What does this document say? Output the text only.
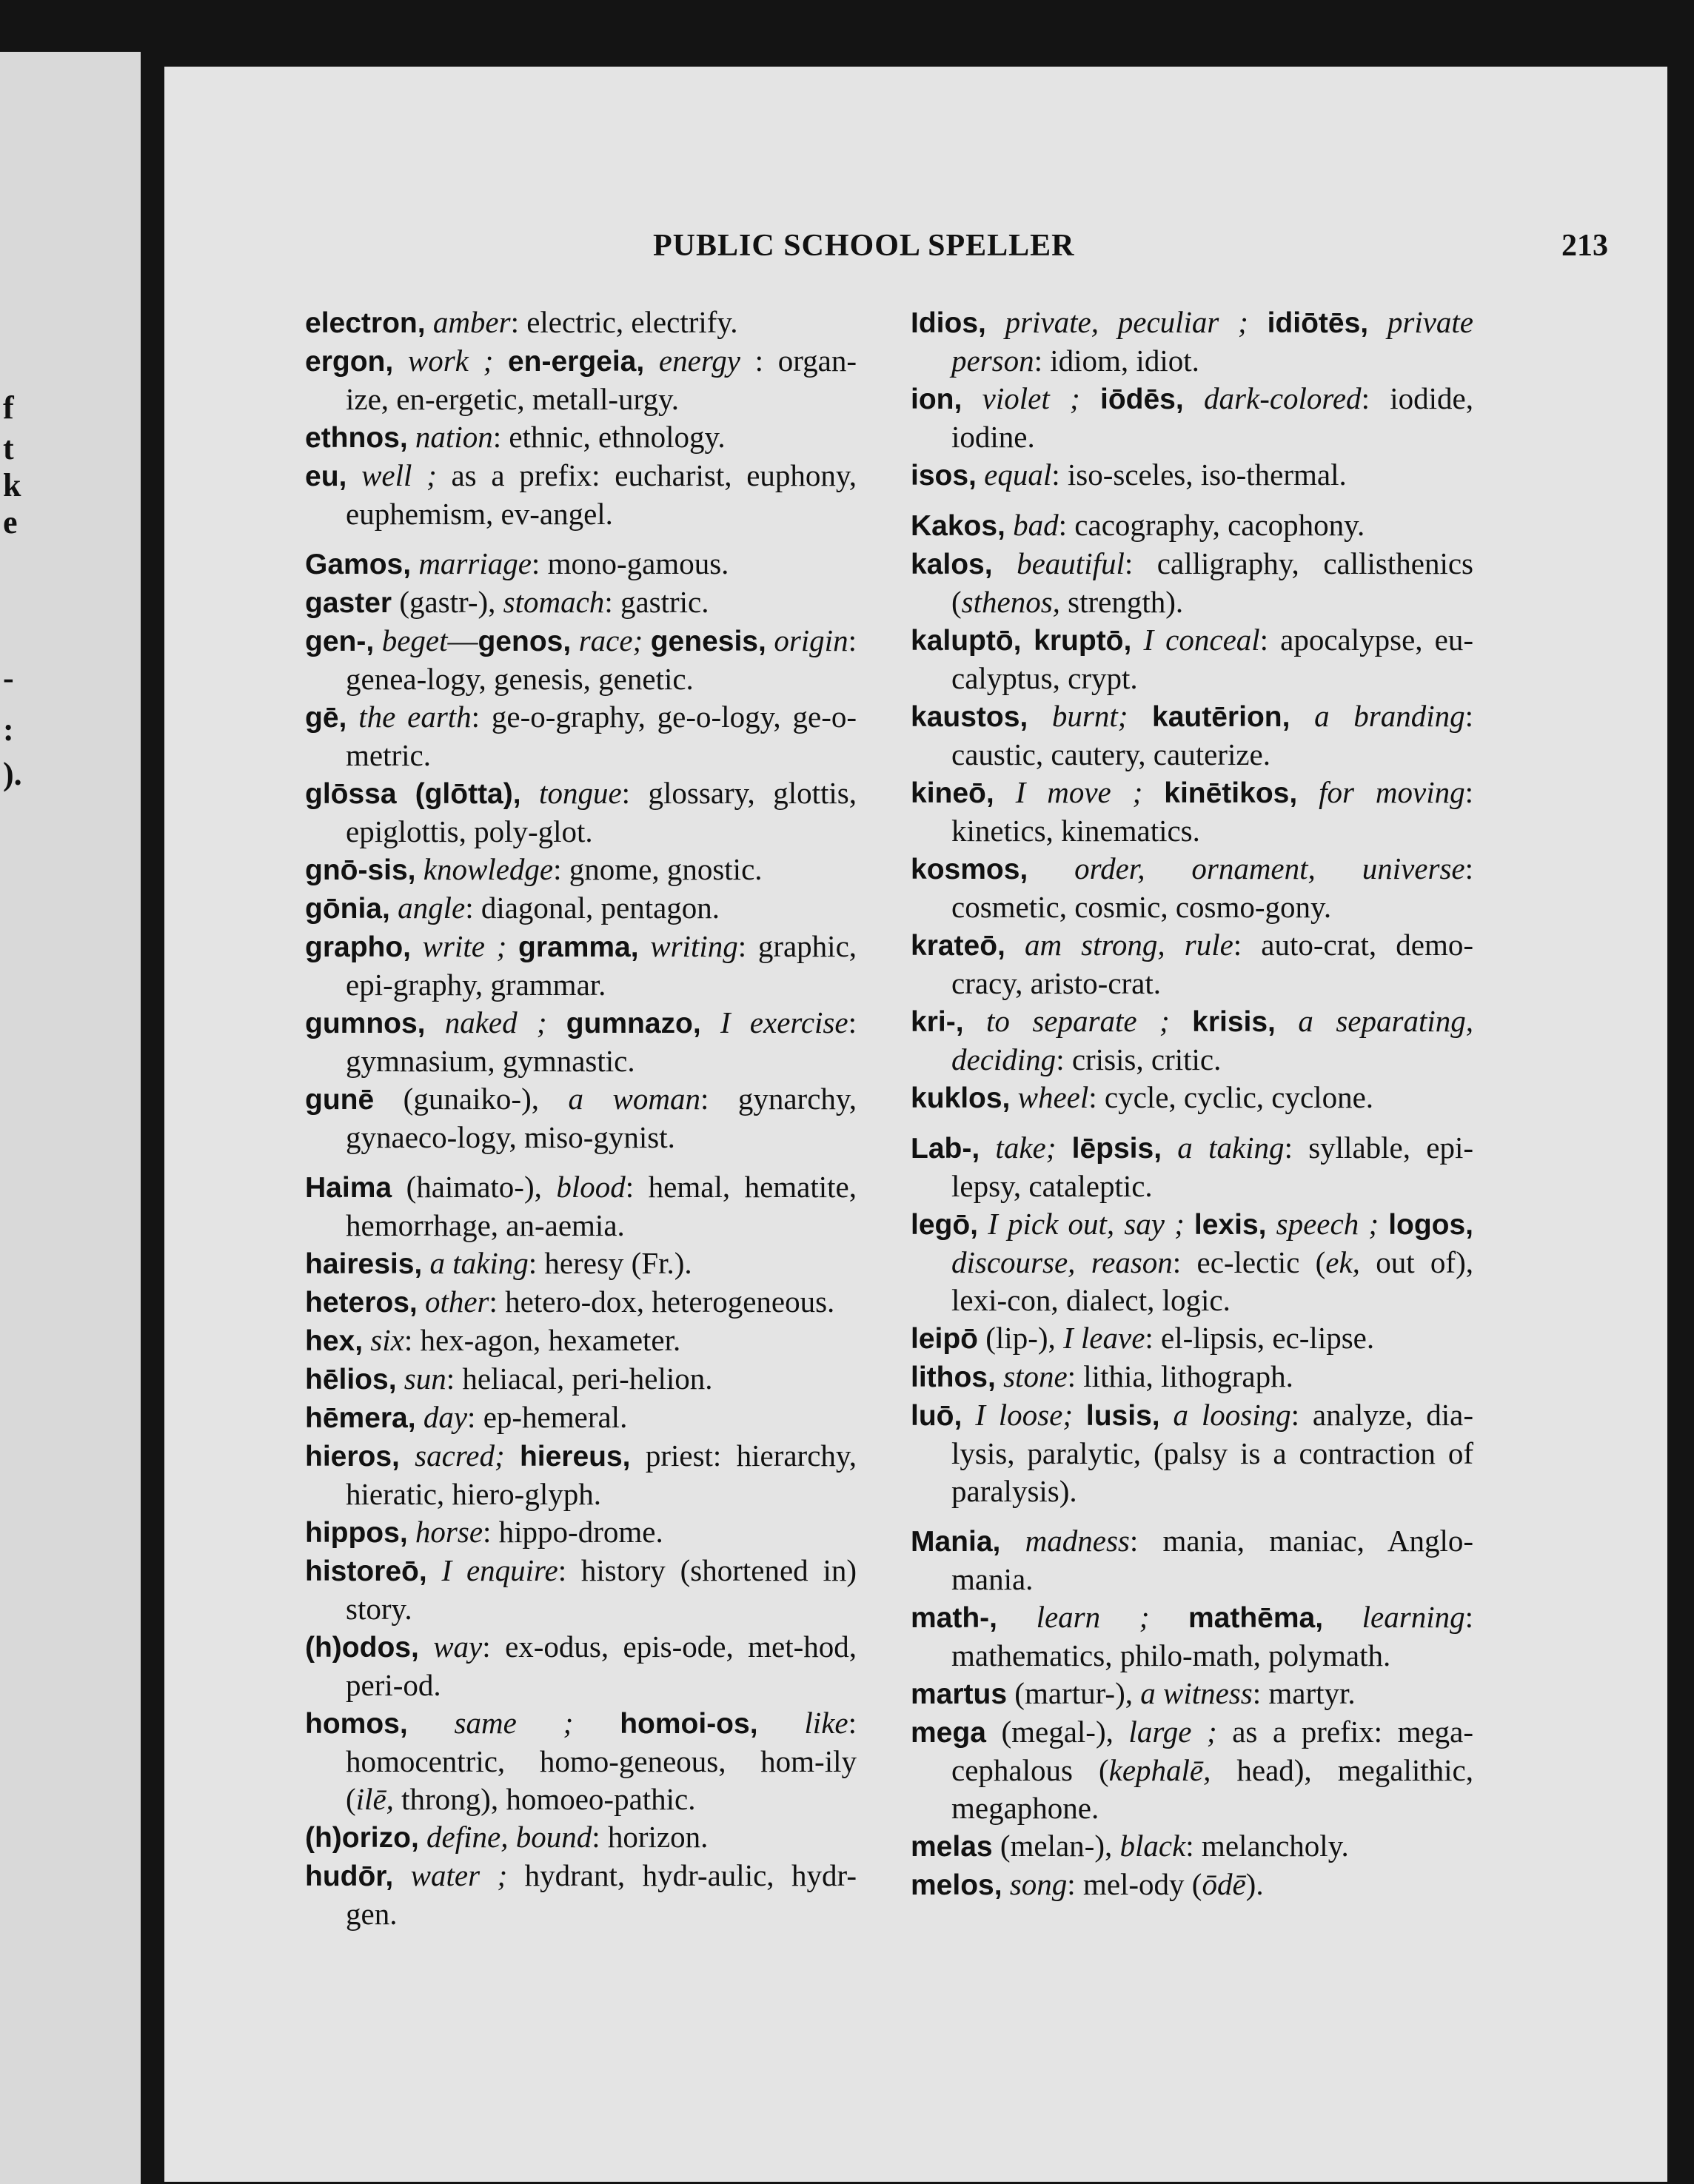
f
t
k
e
-
:
).
PUBLIC SCHOOL SPELLER	213

electron, amber: electric, electrify.

ergon, work ; en-ergeia, energy : organ-ize, en-ergetic, metall-urgy.

ethnos, nation: ethnic, ethnology.

eu, well ; as a prefix: eucharist, euphony, euphemism, ev-angel.

Gamos, marriage: mono-gamous.

gaster (gastr-), stomach: gastric.

gen-, beget—genos, race; genesis, origin: genea-logy, genesis, genetic.

gē, the earth: ge-o-graphy, ge-o-logy, ge-o-metric.

glōssa (glōtta), tongue: glossary, glottis, epiglottis, poly-glot.

gnō-sis, knowledge: gnome, gnostic.

gōnia, angle: diagonal, pentagon.

grapho, write ; gramma, writing: graphic, epi-graphy, grammar.

gumnos, naked ; gumnazo, I exercise: gymnasium, gymnastic.

gunē (gunaiko-), a woman: gynarchy, gynaeco-logy, miso-gynist.

Haima (haimato-), blood: hemal, hematite, hemorrhage, an-aemia.

hairesis, a taking: heresy (Fr.).

heteros, other: hetero-dox, heterogeneous.

hex, six: hex-agon, hexameter.

hēlios, sun: heliacal, peri-helion.

hēmera, day: ep-hemeral.

hieros, sacred; hiereus, priest: hierarchy, hieratic, hiero-glyph.

hippos, horse: hippo-drome.

historeō, I enquire: history (shortened in) story.

(h)odos, way: ex-odus, epis-ode, met-hod, peri-od.

homos, same ; homoi-os, like: homocentric, homo-geneous, hom-ily (ilē, throng), homoeo-pathic.

(h)orizo, define, bound: horizon.

hudōr, water ; hydrant, hydr-aulic, hydr-gen.

Idios, private, peculiar ; idiōtēs, private person: idiom, idiot.

ion, violet ; iōdēs, dark-colored: iodide, iodine.

isos, equal: iso-sceles, iso-thermal.

Kakos, bad: cacography, cacophony.

kalos, beautiful: calligraphy, callisthenics (sthenos, strength).

kaluptō, kruptō, I conceal: apocalypse, eu-calyptus, crypt.

kaustos, burnt; kautērion, a branding: caustic, cautery, cauterize.

kineō, I move ; kinētikos, for moving: kinetics, kinematics.

kosmos, order, ornament, universe: cosmetic, cosmic, cosmo-gony.

krateō, am strong, rule: auto-crat, demo-cracy, aristo-crat.

kri-, to separate ; krisis, a separating, deciding: crisis, critic.

kuklos, wheel: cycle, cyclic, cyclone.

Lab-, take; lēpsis, a taking: syllable, epi-lepsy, cataleptic.

legō, I pick out, say ; lexis, speech ; logos, discourse, reason: ec-lectic (ek, out of), lexi-con, dialect, logic.

leipō (lip-), I leave: el-lipsis, ec-lipse.

lithos, stone: lithia, lithograph.

luō, I loose; lusis, a loosing: analyze, dia-lysis, paralytic, (palsy is a contraction of paralysis).

Mania, madness: mania, maniac, Anglo-mania.

math-, learn ; mathēma, learning: mathematics, philo-math, polymath.

martus (martur-), a witness: martyr.

mega (megal-), large ; as a prefix: mega-cephalous (kephalē, head), megalithic, megaphone.

melas (melan-), black: melancholy.

melos, song: mel-ody (ōdē).
